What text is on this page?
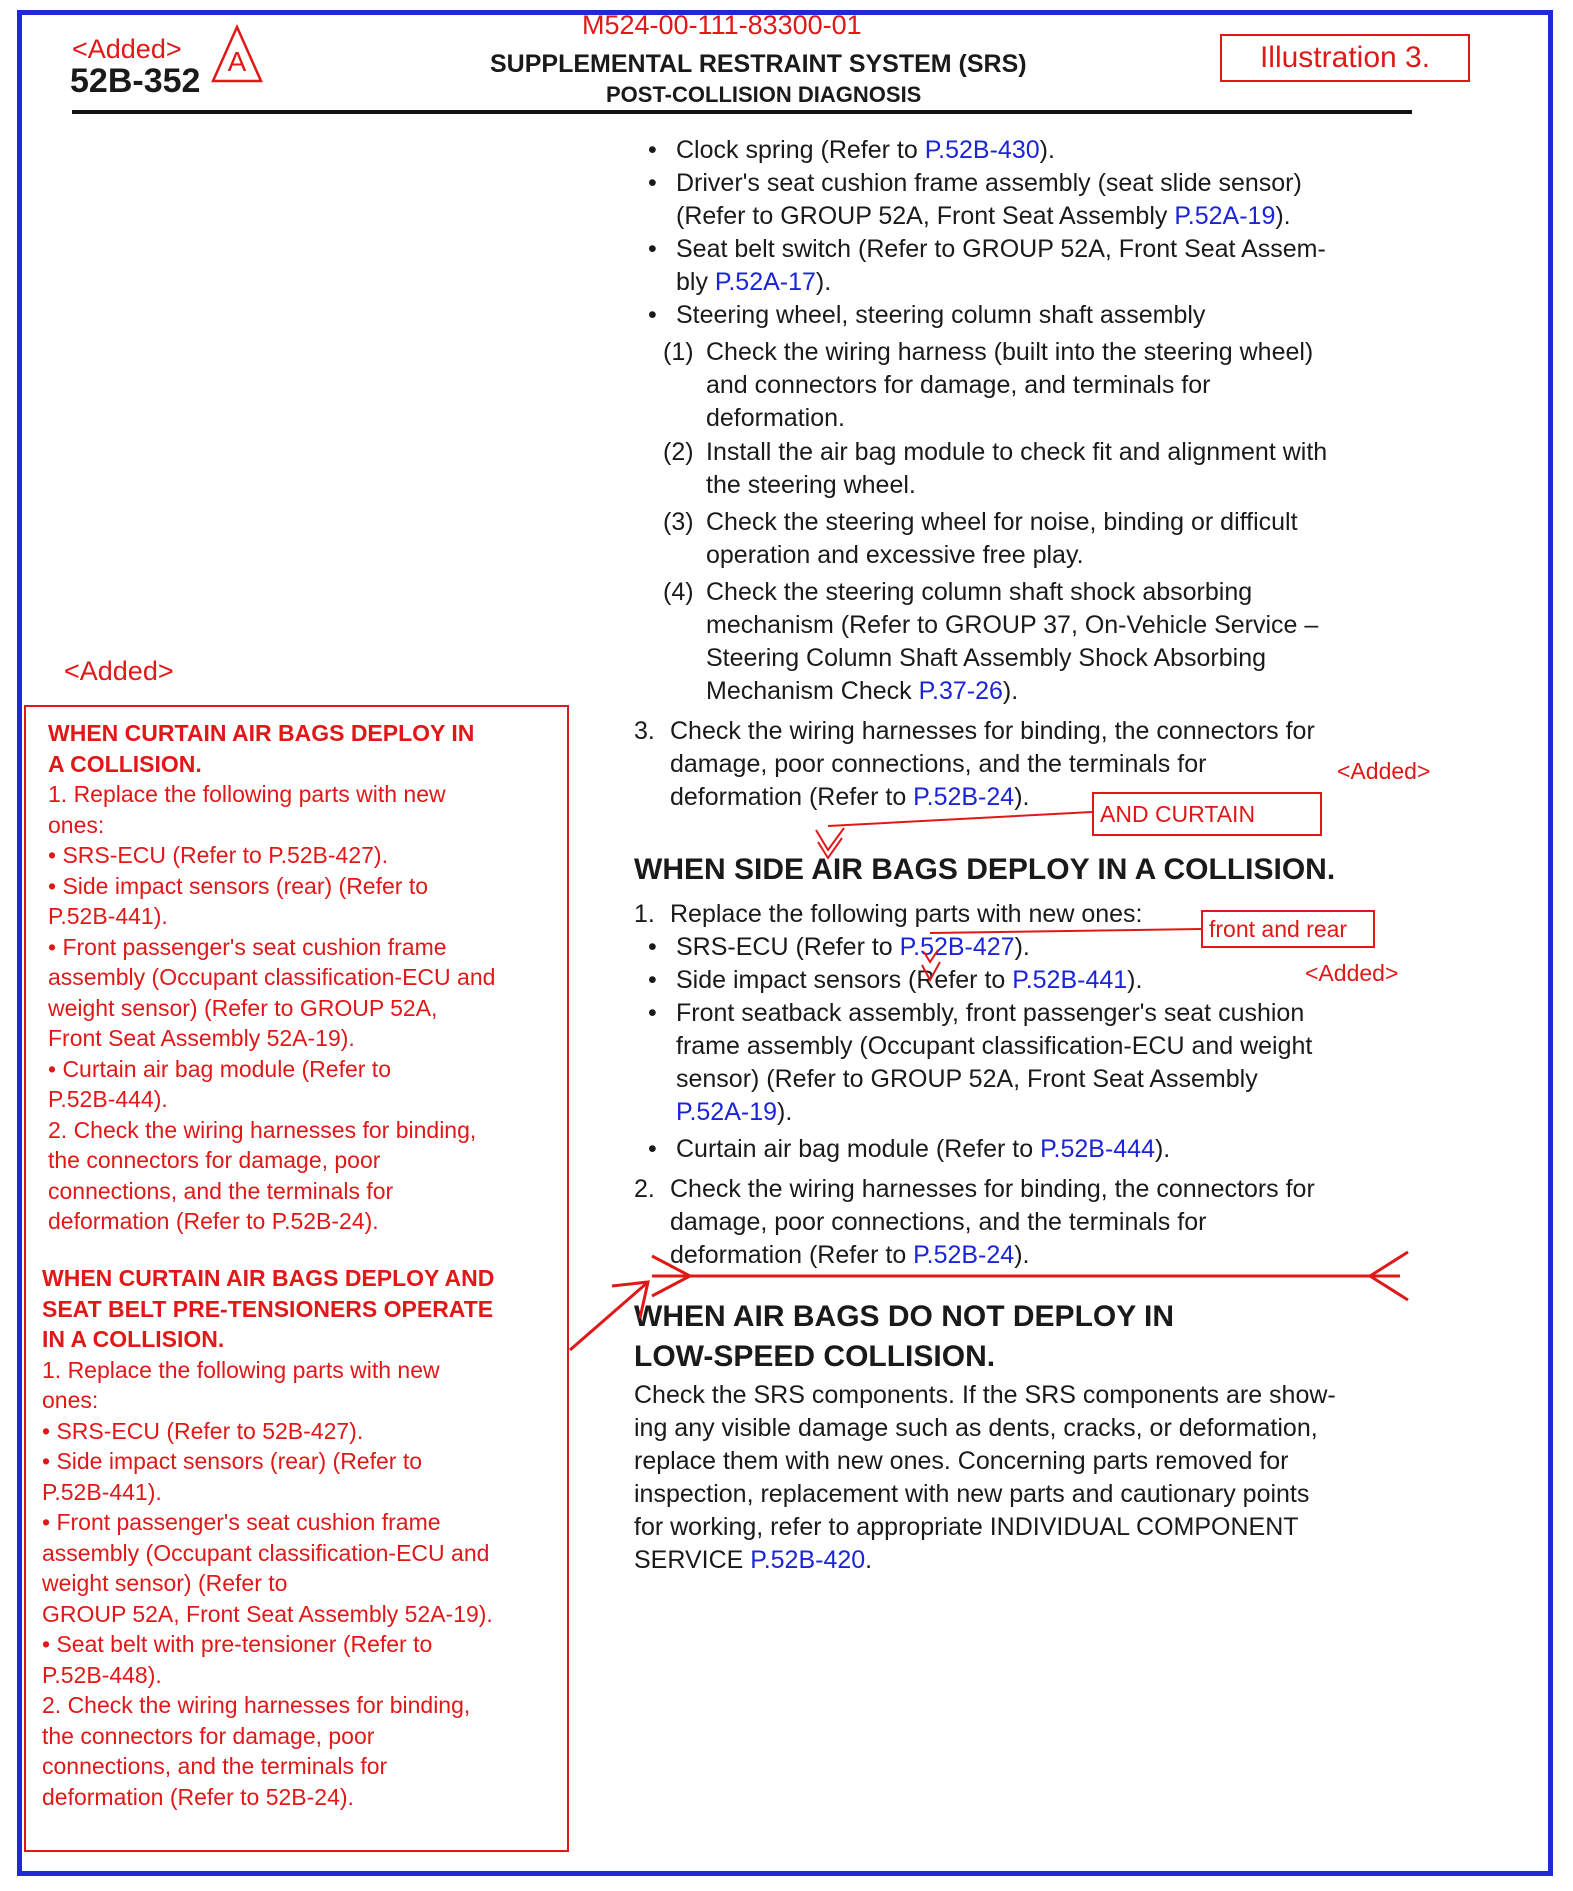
M524-00-111-83300-01
<Added>
52B-352
A	SUPPLEMENTAL RESTRAINT SYSTEM (SRS)
POST-COLLISION DIAGNOSIS
Illustration 3.
• Clock spring (Refer to P.52B-430).
• Driver's seat cushion frame assembly (seat slide sensor)
(Refer to GROUP 52A, Front Seat Assembly P.52A-19).
• Seat belt switch (Refer to GROUP 52A, Front Seat Assem-
bly P.52A-17).
• Steering wheel, steering column shaft assembly
(1) Check the wiring harness (built into the steering wheel)
and connectors for damage, and terminals for
deformation.
(2) Install the air bag module to check fit and alignment with
the steering wheel.
(3) Check the steering wheel for noise, binding or difficult
operation and excessive free play.
(4) Check the steering column shaft shock absorbing
mechanism (Refer to GROUP 37, On-Vehicle Service –
Steering Column Shaft Assembly Shock Absorbing
Mechanism Check P.37-26).
3. Check the wiring harnesses for binding, the connectors for
damage, poor connections, and the terminals for
deformation (Refer to P.52B-24).
WHEN SIDE AIR BAGS DEPLOY IN A COLLISION.
1. Replace the following parts with new ones:
• SRS-ECU (Refer to P.52B-427).
• Side impact sensors (Refer to P.52B-441).
• Front seatback assembly, front passenger's seat cushion
frame assembly (Occupant classification-ECU and weight
sensor) (Refer to GROUP 52A, Front Seat Assembly
P.52A-19).
• Curtain air bag module (Refer to P.52B-444).
2. Check the wiring harnesses for binding, the connectors for
damage, poor connections, and the terminals for
deformation (Refer to P.52B-24).
WHEN AIR BAGS DO NOT DEPLOY IN
LOW-SPEED COLLISION.
Check the SRS components. If the SRS components are show-
ing any visible damage such as dents, cracks, or deformation,
replace them with new ones. Concerning parts removed for
inspection, replacement with new parts and cautionary points
for working, refer to appropriate INDIVIDUAL COMPONENT
SERVICE P.52B-420.
<Added>
AND CURTAIN
front and rear
<Added>
<Added>
WHEN CURTAIN AIR BAGS DEPLOY IN
A COLLISION.
1. Replace the following parts with new
ones:
• SRS-ECU (Refer to P.52B-427).
• Side impact sensors (rear) (Refer to
P.52B-441).
• Front passenger's seat cushion frame
assembly (Occupant classification-ECU and
weight sensor) (Refer to GROUP 52A,
Front Seat Assembly 52A-19).
• Curtain air bag module (Refer to
P.52B-444).
2. Check the wiring harnesses for binding,
the connectors for damage, poor
connections, and the terminals for
deformation (Refer to P.52B-24).
WHEN CURTAIN AIR BAGS DEPLOY AND
SEAT BELT PRE-TENSIONERS OPERATE
IN A COLLISION.
1. Replace the following parts with new
ones:
• SRS-ECU (Refer to 52B-427).
• Side impact sensors (rear) (Refer to
P.52B-441).
• Front passenger's seat cushion frame
assembly (Occupant classification-ECU and
weight sensor) (Refer to
GROUP 52A, Front Seat Assembly 52A-19).
• Seat belt with pre-tensioner (Refer to
P.52B-448).
2. Check the wiring harnesses for binding,
the connectors for damage, poor
connections, and the terminals for
deformation (Refer to 52B-24).
